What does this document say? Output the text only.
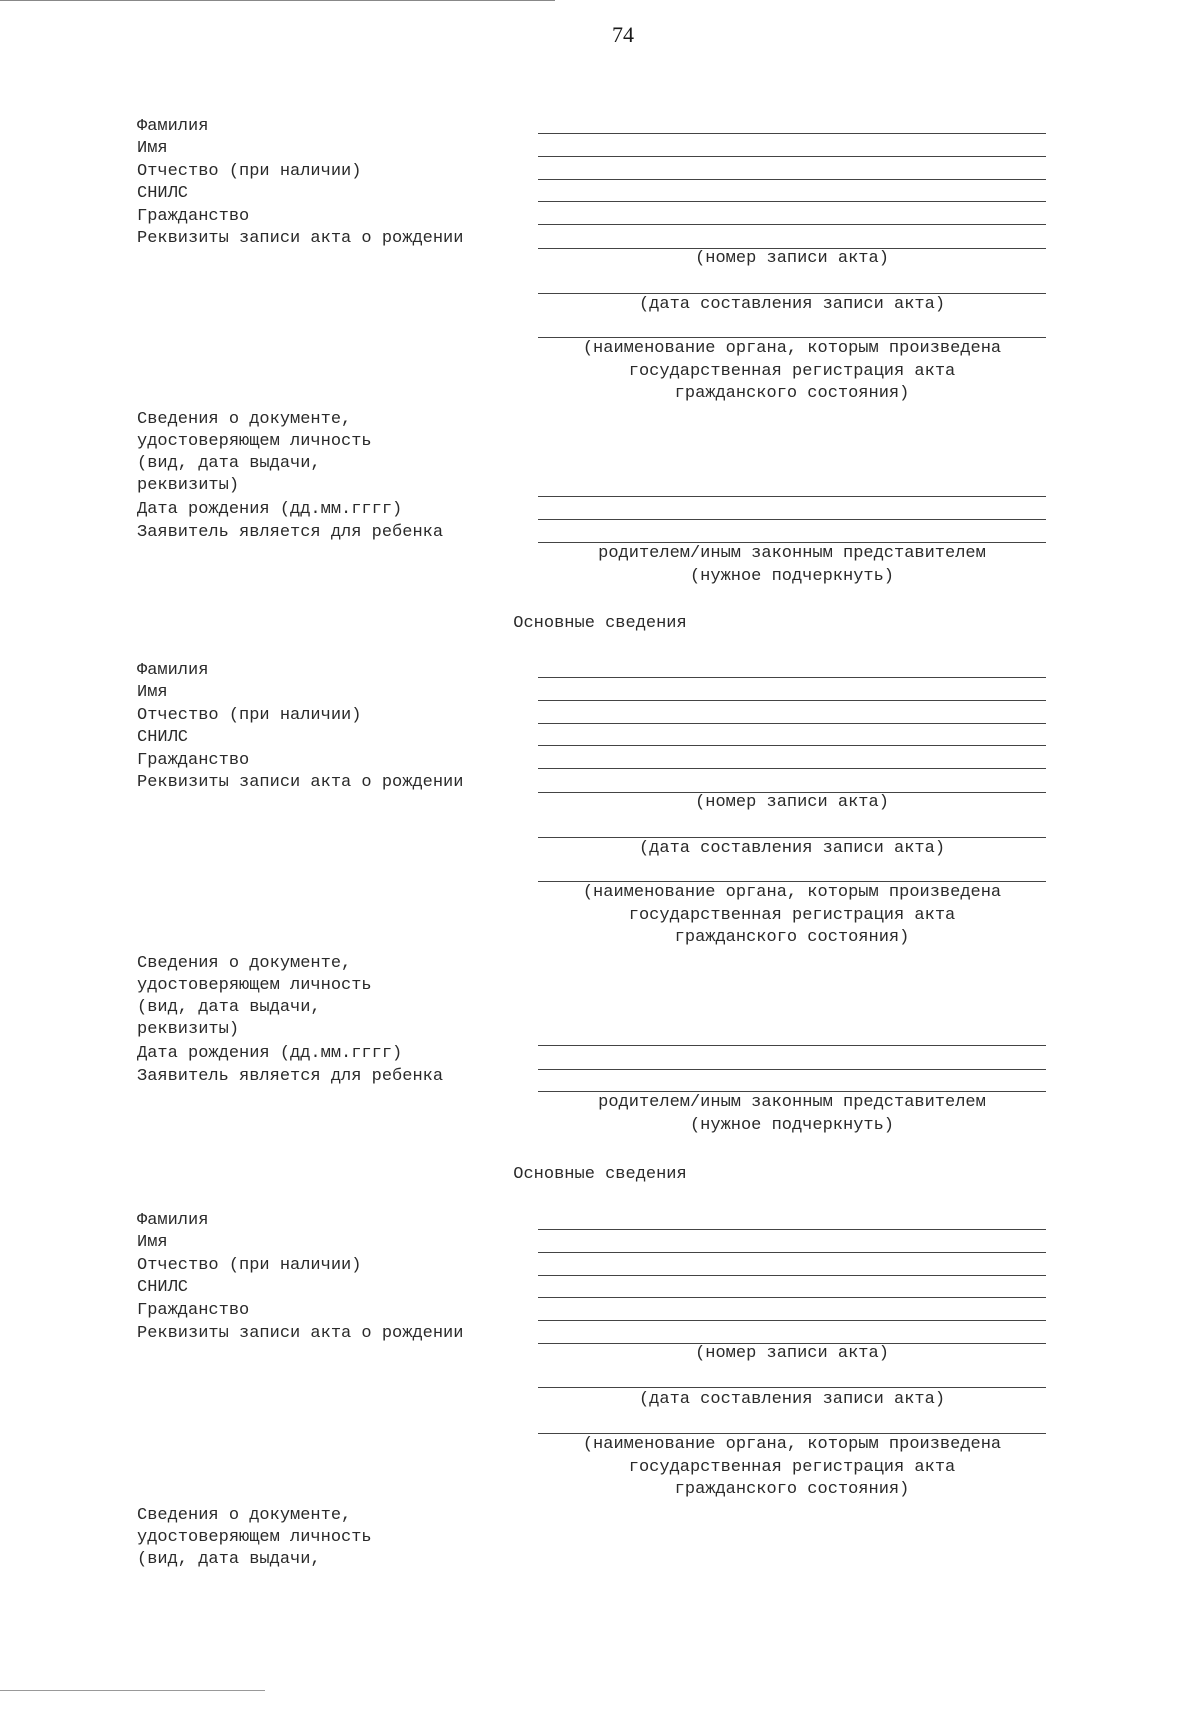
74
Фамилия
Имя
Отчество (при наличии)
СНИЛС
Гражданство
Реквизиты записи акта о рождении
(номер записи акта)
(дата составления записи акта)
(наименование органа, которым произведена
государственная регистрация акта
гражданского состояния)
Сведения о документе,
удостоверяющем личность
(вид, дата выдачи,
реквизиты)
Дата рождения (дд.мм.гггг)
Заявитель является для ребенка
родителем/иным законным представителем
(нужное подчеркнуть)
Основные сведения
Фамилия
Имя
Отчество (при наличии)
СНИЛС
Гражданство
Реквизиты записи акта о рождении
(номер записи акта)
(дата составления записи акта)
(наименование органа, которым произведена
государственная регистрация акта
гражданского состояния)
Сведения о документе,
удостоверяющем личность
(вид, дата выдачи,
реквизиты)
Дата рождения (дд.мм.гггг)
Заявитель является для ребенка
родителем/иным законным представителем
(нужное подчеркнуть)
Основные сведения
Фамилия
Имя
Отчество (при наличии)
СНИЛС
Гражданство
Реквизиты записи акта о рождении
(номер записи акта)
(дата составления записи акта)
(наименование органа, которым произведена
государственная регистрация акта
гражданского состояния)
Сведения о документе,
удостоверяющем личность
(вид, дата выдачи,
